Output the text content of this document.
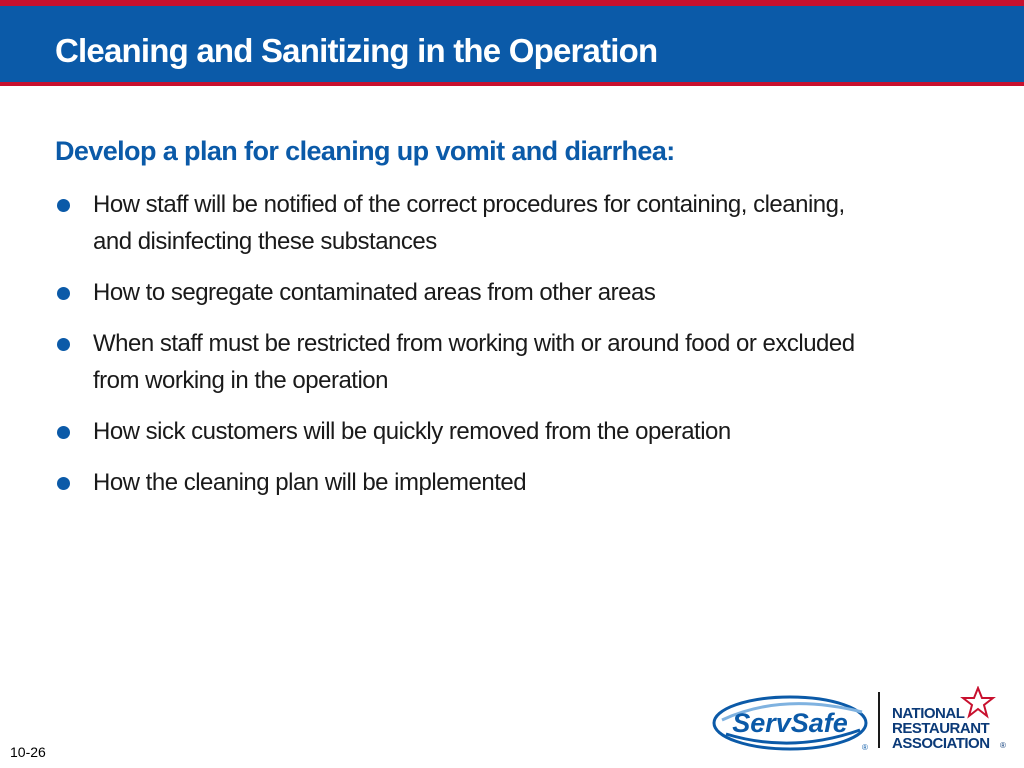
Cleaning and Sanitizing in the Operation
Develop a plan for cleaning up vomit and diarrhea:
How staff will be notified of the correct procedures for containing, cleaning, and disinfecting these substances
How to segregate contaminated areas from other areas
When staff must be restricted from working with or around food or excluded from working in the operation
How sick customers will be quickly removed from the operation
How the cleaning plan will be implemented
10-26
ServSafe
®
NATIONAL
RESTAURANT
ASSOCIATION ®
